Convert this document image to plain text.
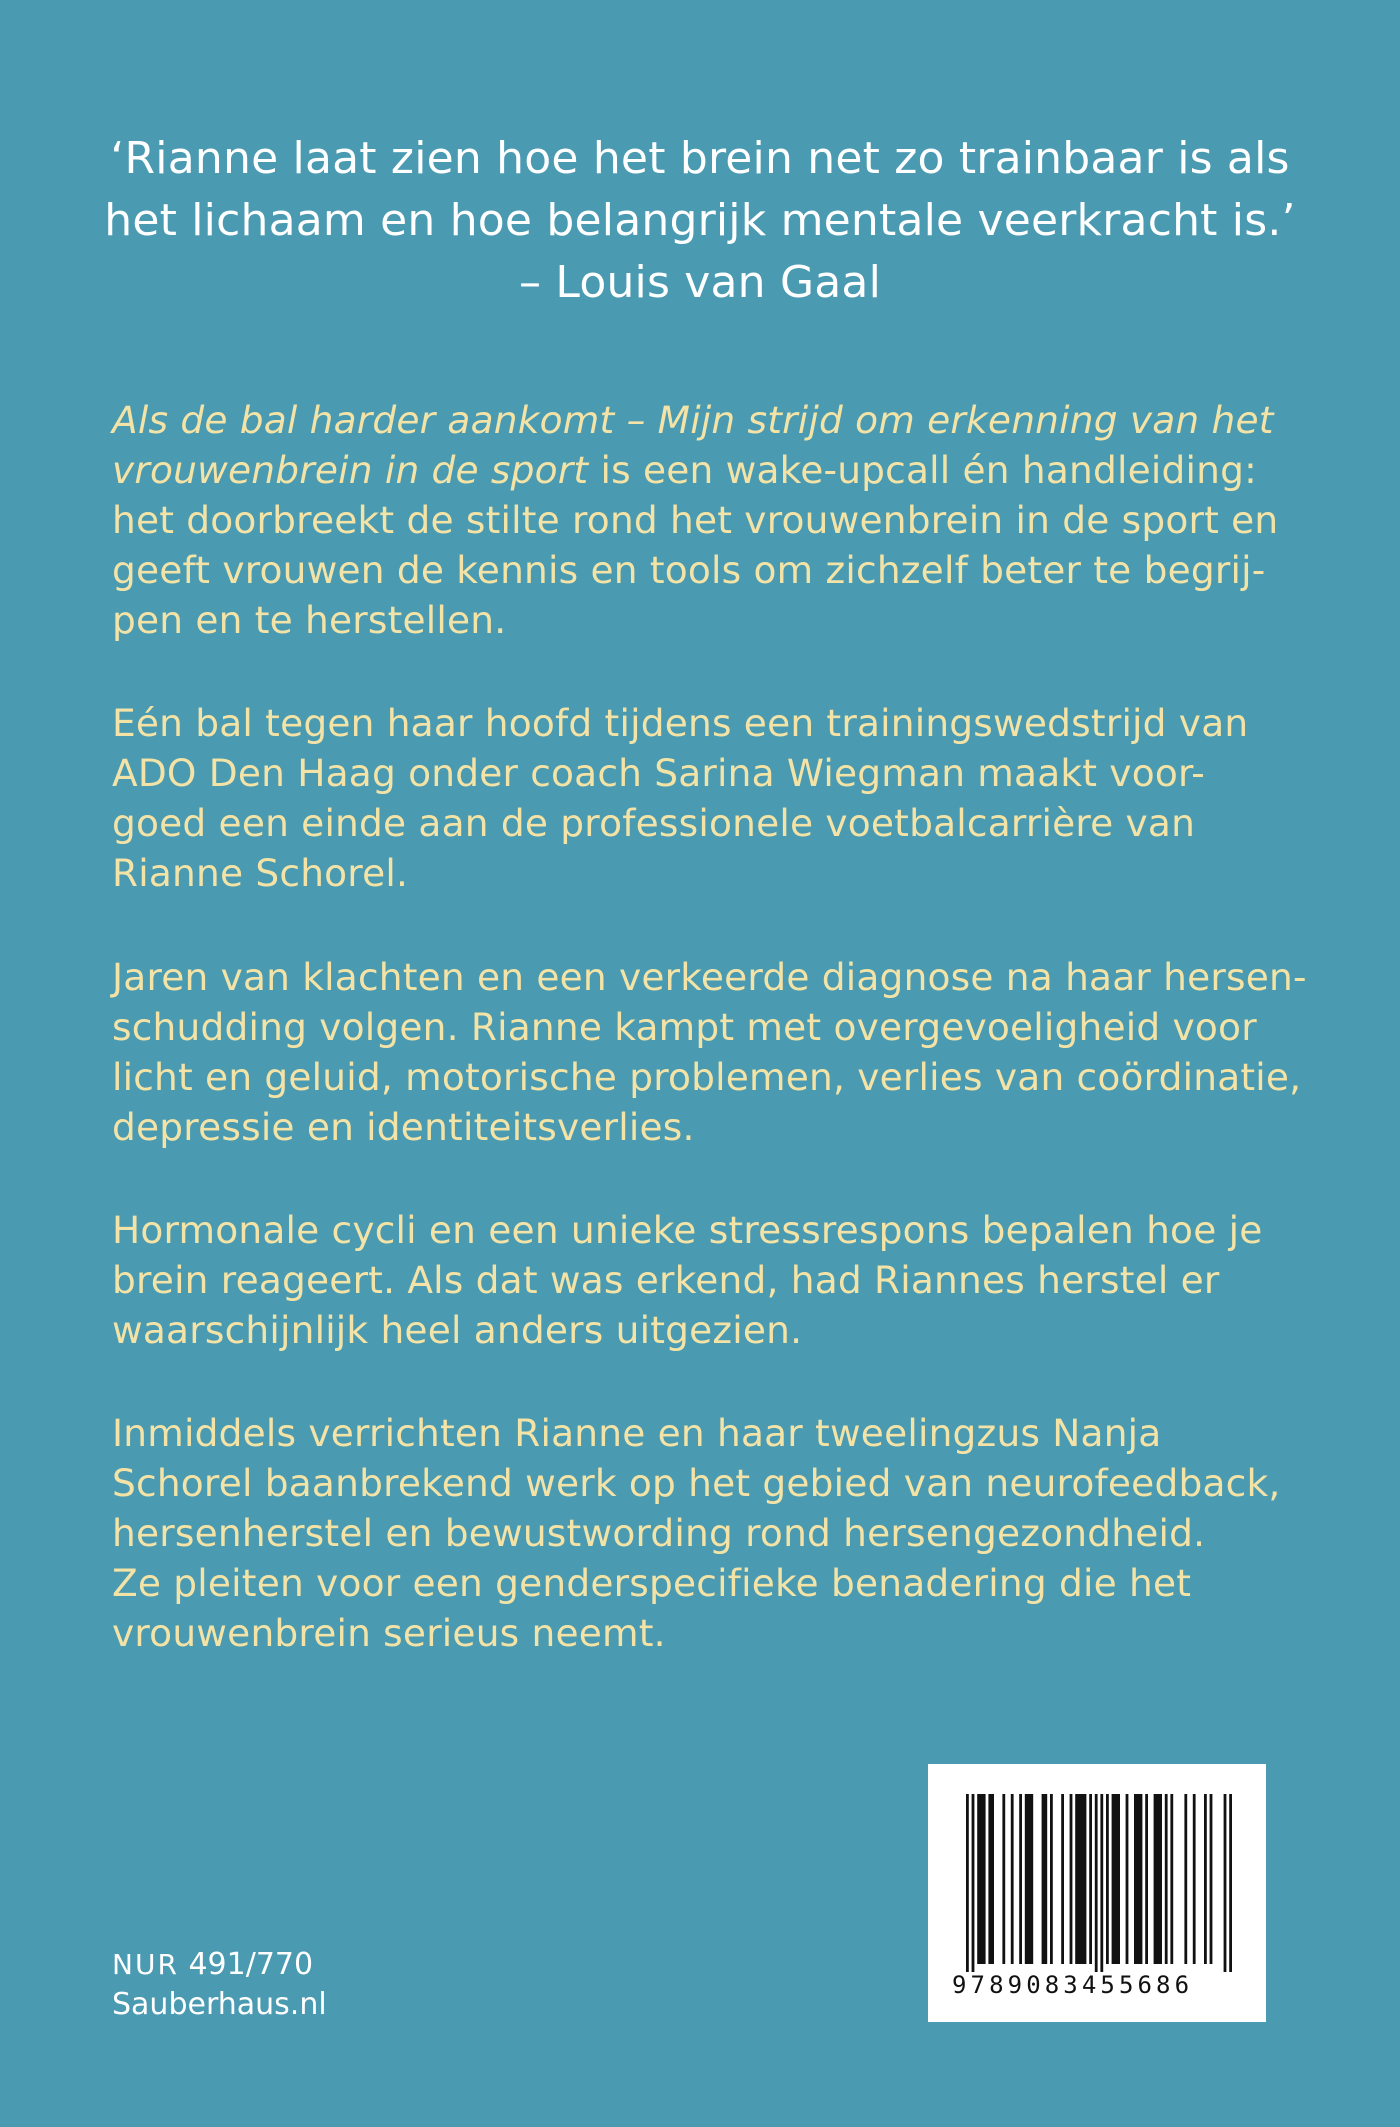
‘Rianne laat zien hoe het brein net zo trainbaar is als
het lichaam en hoe belangrijk mentale veerkracht is.’
– Louis van Gaal
Als de bal harder aankomt – Mijn strijd om erkenning van het
vrouwenbrein in de sport is een wake-upcall én handleiding:
het doorbreekt de stilte rond het vrouwenbrein in de sport en
geeft vrouwen de kennis en tools om zichzelf beter te begrij-
pen en te herstellen.
Eén bal tegen haar hoofd tijdens een trainingswedstrijd van
ADO Den Haag onder coach Sarina Wiegman maakt voor-
goed een einde aan de professionele voetbalcarrière van
Rianne Schorel.
Jaren van klachten en een verkeerde diagnose na haar hersen-
schudding volgen. Rianne kampt met overgevoeligheid voor
licht en geluid, motorische problemen, verlies van coördinatie,
depressie en identiteitsverlies.
Hormonale cycli en een unieke stressrespons bepalen hoe je
brein reageert. Als dat was erkend, had Riannes herstel er
waarschijnlijk heel anders uitgezien.
Inmiddels verrichten Rianne en haar tweelingzus Nanja
Schorel baanbrekend werk op het gebied van neurofeedback,
hersenherstel en bewustwording rond hersengezondheid.
Ze pleiten voor een genderspecifieke benadering die het
vrouwenbrein serieus neemt.
NUR 491/770
Sauberhaus.nl
9789083455686
